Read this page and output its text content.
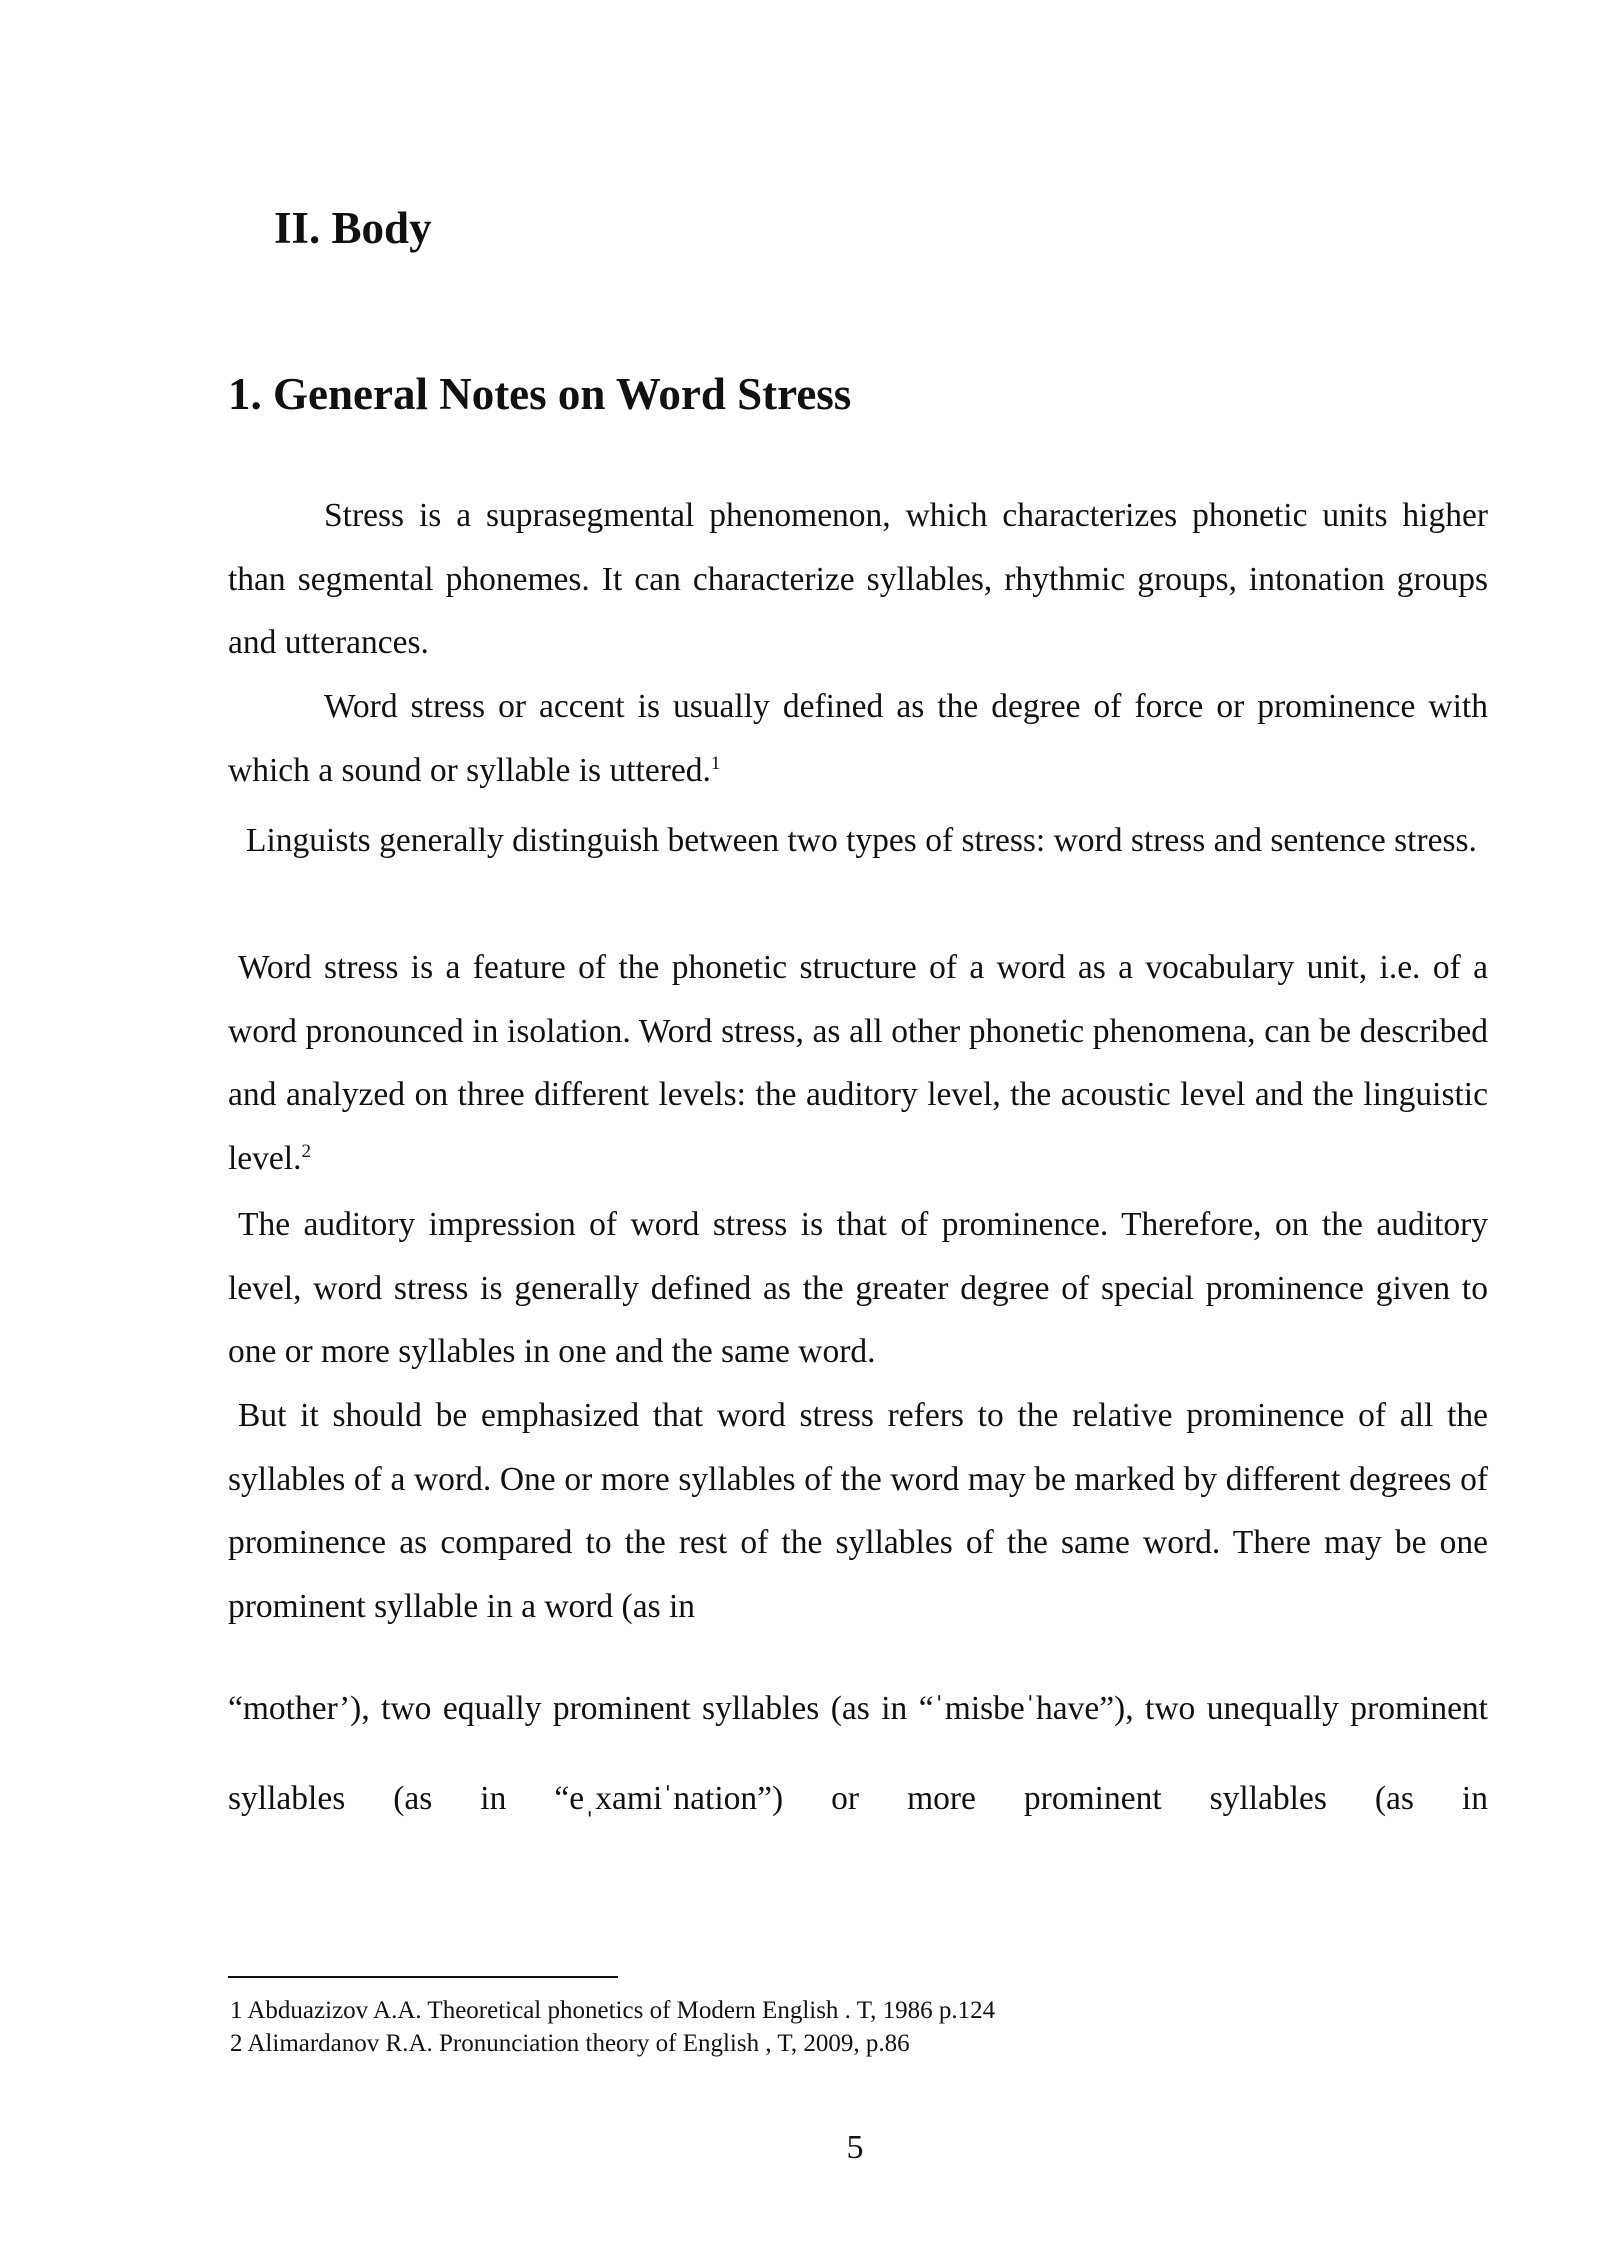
II. Body
1. General Notes on Word Stress

Stress is a suprasegmental phenomenon, which characterizes phonetic units higher than segmental phonemes. It can characterize syllables, rhythmic groups, intonation groups and utterances.

Word stress or accent is usually defined as the degree of force or prominence with which a sound or syllable is uttered.$^1$

Linguists generally distinguish between two types of stress: word stress and sentence stress.

Word stress is a feature of the phonetic structure of a word as a vocabulary unit, i.e. of a word pronounced in isolation. Word stress, as all other phonetic phenomena, can be described and analyzed on three different levels: the auditory level, the acoustic level and the linguistic level.$^2$

The auditory impression of word stress is that of prominence. Therefore, on the auditory level, word stress is generally defined as the greater degree of special prominence given to one or more syllables in one and the same word.

But it should be emphasized that word stress refers to the relative prominence of all the syllables of a word. One or more syllables of the word may be marked by different degrees of prominence as compared to the rest of the syllables of the same word. There may be one prominent syllable in a word (as in

“mother’), two equally prominent syllables (as in “ˈmisbeˈhave”), two unequally prominent syllables (as in “eˌxamiˈnation”) or more prominent syllables (as in

1 Abduazizov A.A. Theoretical phonetics of Modern English . T, 1986 p.124
2 Alimardanov R.A. Pronunciation theory of English , T, 2009, p.86
5
